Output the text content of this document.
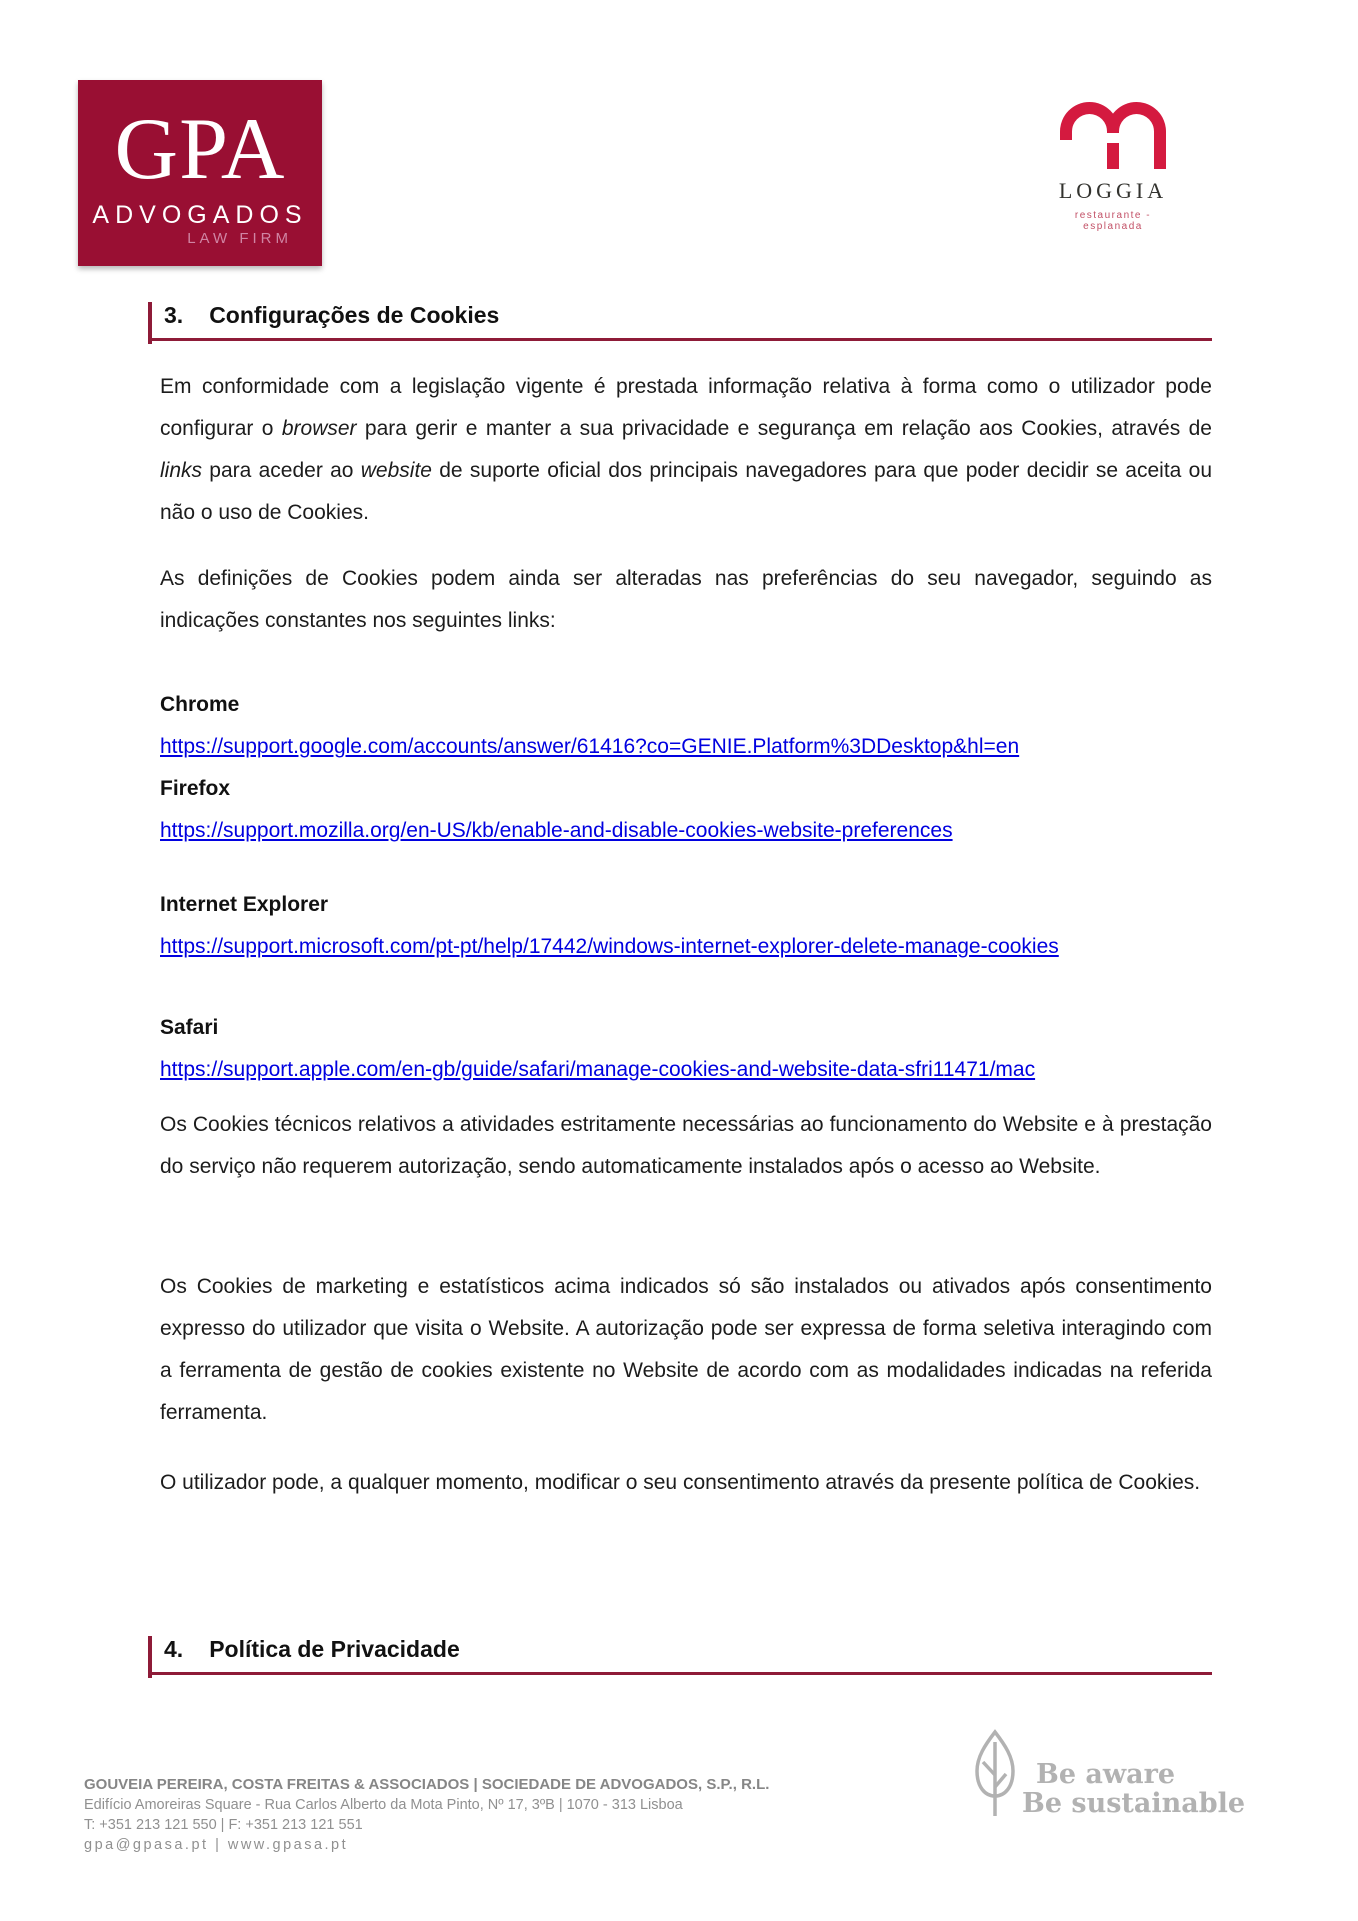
GPA
ADVOGADOS
LAW FIRM
LOGGIA
restaurante - esplanada
3. Configurações de Cookies

Em conformidade com a legislação vigente é prestada informação relativa à forma como o utilizador pode configurar o browser para gerir e manter a sua privacidade e segurança em relação aos Cookies, através de links para aceder ao website de suporte oficial dos principais navegadores para que poder decidir se aceita ou não o uso de Cookies.

As definições de Cookies podem ainda ser alteradas nas preferências do seu navegador, seguindo as indicações constantes nos seguintes links:

Chrome
https://support.google.com/accounts/answer/61416?co=GENIE.Platform%3DDesktop&hl=en
Firefox
https://support.mozilla.org/en-US/kb/enable-and-disable-cookies-website-preferences
Internet Explorer
https://support.microsoft.com/pt-pt/help/17442/windows-internet-explorer-delete-manage-cookies
Safari
https://support.apple.com/en-gb/guide/safari/manage-cookies-and-website-data-sfri11471/mac

Os Cookies técnicos relativos a atividades estritamente necessárias ao funcionamento do Website e à prestação do serviço não requerem autorização, sendo automaticamente instalados após o acesso ao Website.

Os Cookies de marketing e estatísticos acima indicados só são instalados ou ativados após consentimento expresso do utilizador que visita o Website. A autorização pode ser expressa de forma seletiva interagindo com a ferramenta de gestão de cookies existente no Website de acordo com as modalidades indicadas na referida ferramenta.

O utilizador pode, a qualquer momento, modificar o seu consentimento através da presente política de Cookies.

4. Política de Privacidade
GOUVEIA PEREIRA, COSTA FREITAS & ASSOCIADOS | SOCIEDADE DE ADVOGADOS, S.P., R.L.
Edifício Amoreiras Square - Rua Carlos Alberto da Mota Pinto, Nº 17, 3ºB | 1070 - 313 Lisboa
T: +351 213 121 550 | F: +351 213 121 551
gpa@gpasa.pt | www.gpasa.pt
Be aware
Be sustainable
